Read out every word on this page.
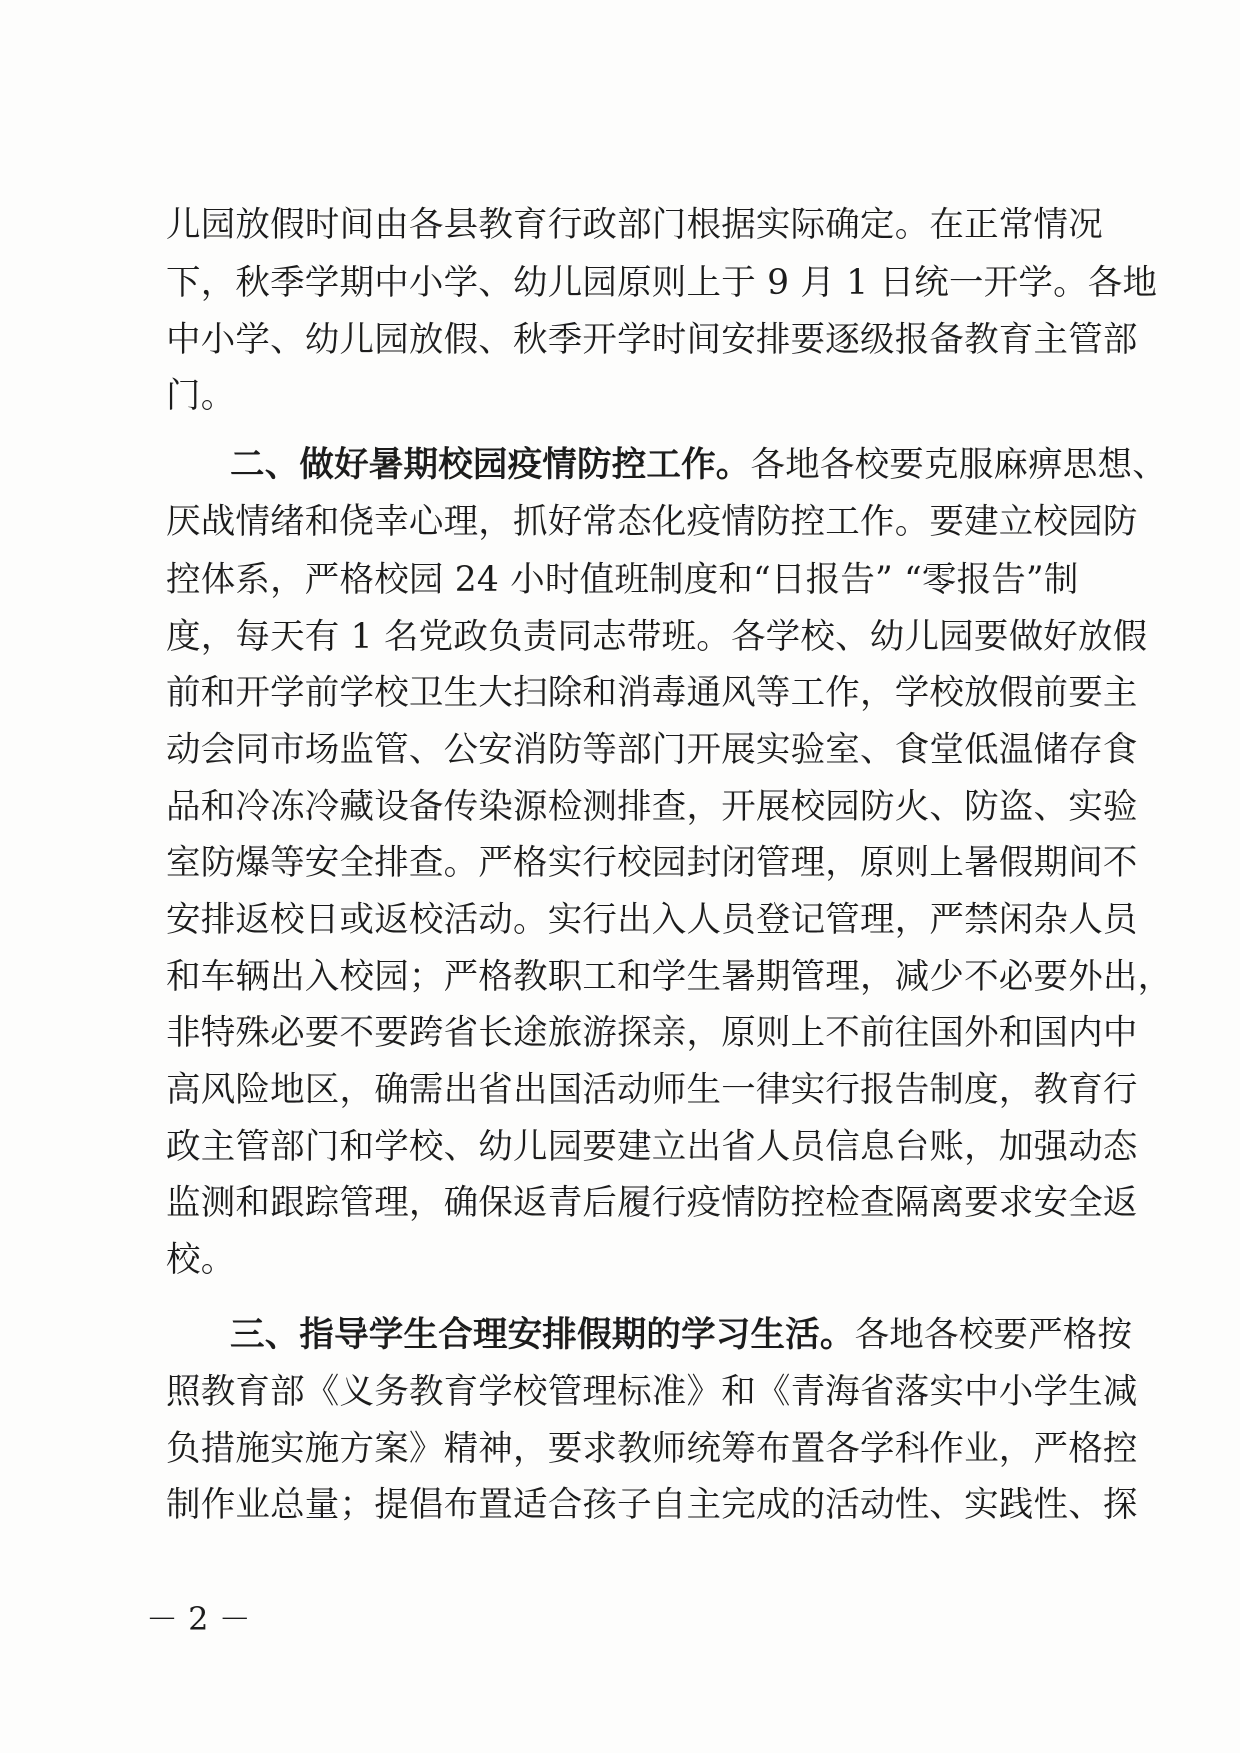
儿园放假时间由各县教育行政部门根据实际确定。在正常情况
下，秋季学期中小学、幼儿园原则上于 9 月 1 日统一开学。各地
中小学、幼儿园放假、秋季开学时间安排要逐级报备教育主管部
门。
二、做好暑期校园疫情防控工作。各地各校要克服麻痹思想、
厌战情绪和侥幸心理，抓好常态化疫情防控工作。要建立校园防
控体系，严格校园 24 小时值班制度和“日报告” “零报告”制
度，每天有 1 名党政负责同志带班。各学校、幼儿园要做好放假
前和开学前学校卫生大扫除和消毒通风等工作，学校放假前要主
动会同市场监管、公安消防等部门开展实验室、食堂低温储存食
品和冷冻冷藏设备传染源检测排查，开展校园防火、防盗、实验
室防爆等安全排查。严格实行校园封闭管理，原则上暑假期间不
安排返校日或返校活动。实行出入人员登记管理，严禁闲杂人员
和车辆出入校园；严格教职工和学生暑期管理，减少不必要外出，
非特殊必要不要跨省长途旅游探亲，原则上不前往国外和国内中
高风险地区，确需出省出国活动师生一律实行报告制度，教育行
政主管部门和学校、幼儿园要建立出省人员信息台账，加强动态
监测和跟踪管理，确保返青后履行疫情防控检查隔离要求安全返
校。
三、指导学生合理安排假期的学习生活。各地各校要严格按
照教育部《义务教育学校管理标准》和《青海省落实中小学生减
负措施实施方案》精神，要求教师统筹布置各学科作业，严格控
制作业总量；提倡布置适合孩子自主完成的活动性、实践性、探
－ 2 －
